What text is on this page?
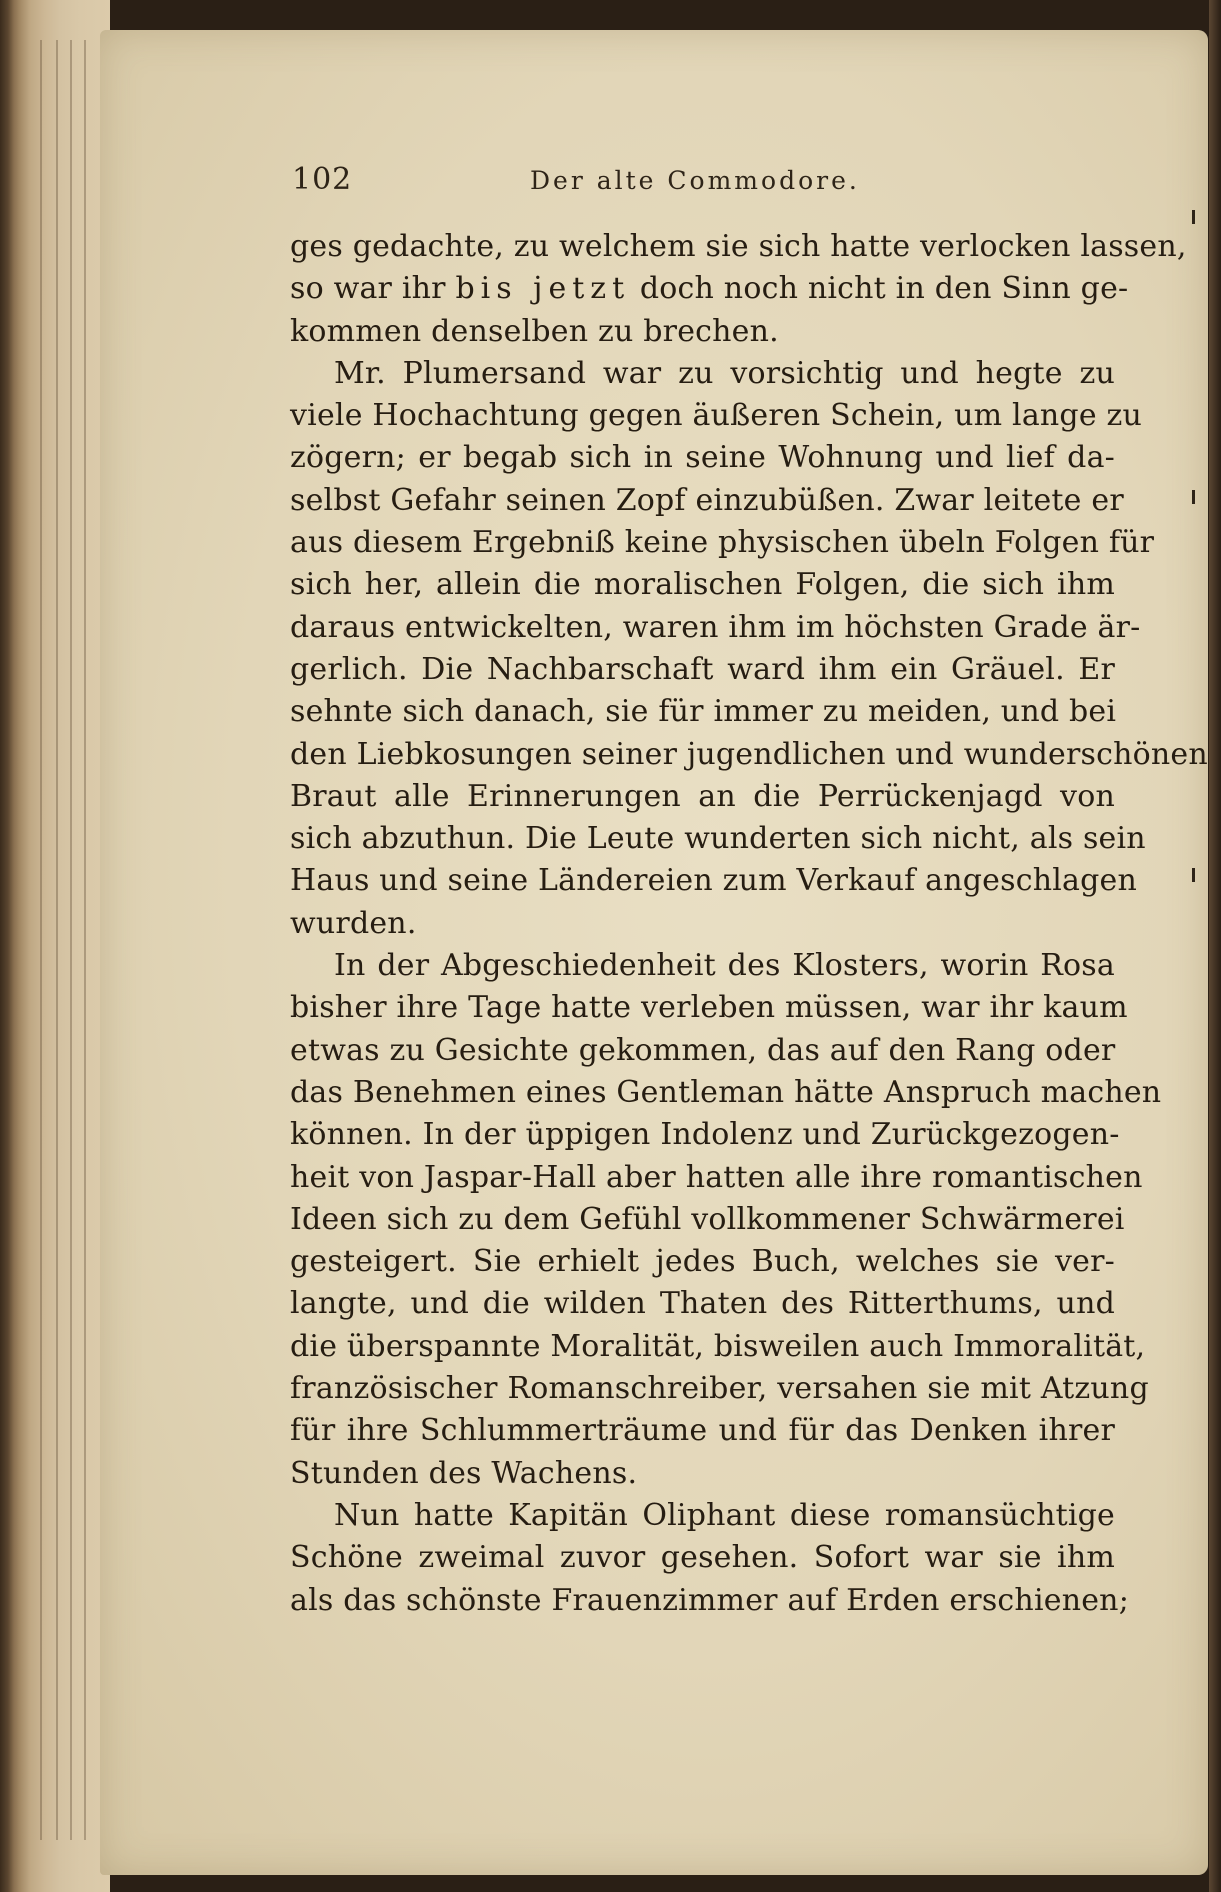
102	Der alte Commodore.
ges gedachte, zu welchem sie sich hatte verlocken lassen,
so war ihr bis jetzt doch noch nicht in den Sinn ge-
kommen denselben zu brechen.
Mr. Plumersand war zu vorsichtig und hegte zu
viele Hochachtung gegen äußeren Schein, um lange zu
zögern; er begab sich in seine Wohnung und lief da-
selbst Gefahr seinen Zopf einzubüßen. Zwar leitete er
aus diesem Ergebniß keine physischen übeln Folgen für
sich her, allein die moralischen Folgen, die sich ihm
daraus entwickelten, waren ihm im höchsten Grade är-
gerlich. Die Nachbarschaft ward ihm ein Gräuel. Er
sehnte sich danach, sie für immer zu meiden, und bei
den Liebkosungen seiner jugendlichen und wunderschönen
Braut alle Erinnerungen an die Perrückenjagd von
sich abzuthun. Die Leute wunderten sich nicht, als sein
Haus und seine Ländereien zum Verkauf angeschlagen
wurden.
In der Abgeschiedenheit des Klosters, worin Rosa
bisher ihre Tage hatte verleben müssen, war ihr kaum
etwas zu Gesichte gekommen, das auf den Rang oder
das Benehmen eines Gentleman hätte Anspruch machen
können. In der üppigen Indolenz und Zurückgezogen-
heit von Jaspar-Hall aber hatten alle ihre romantischen
Ideen sich zu dem Gefühl vollkommener Schwärmerei
gesteigert. Sie erhielt jedes Buch, welches sie ver-
langte, und die wilden Thaten des Ritterthums, und
die überspannte Moralität, bisweilen auch Immoralität,
französischer Romanschreiber, versahen sie mit Atzung
für ihre Schlummerträume und für das Denken ihrer
Stunden des Wachens.
Nun hatte Kapitän Oliphant diese romansüchtige
Schöne zweimal zuvor gesehen. Sofort war sie ihm
als das schönste Frauenzimmer auf Erden erschienen;
